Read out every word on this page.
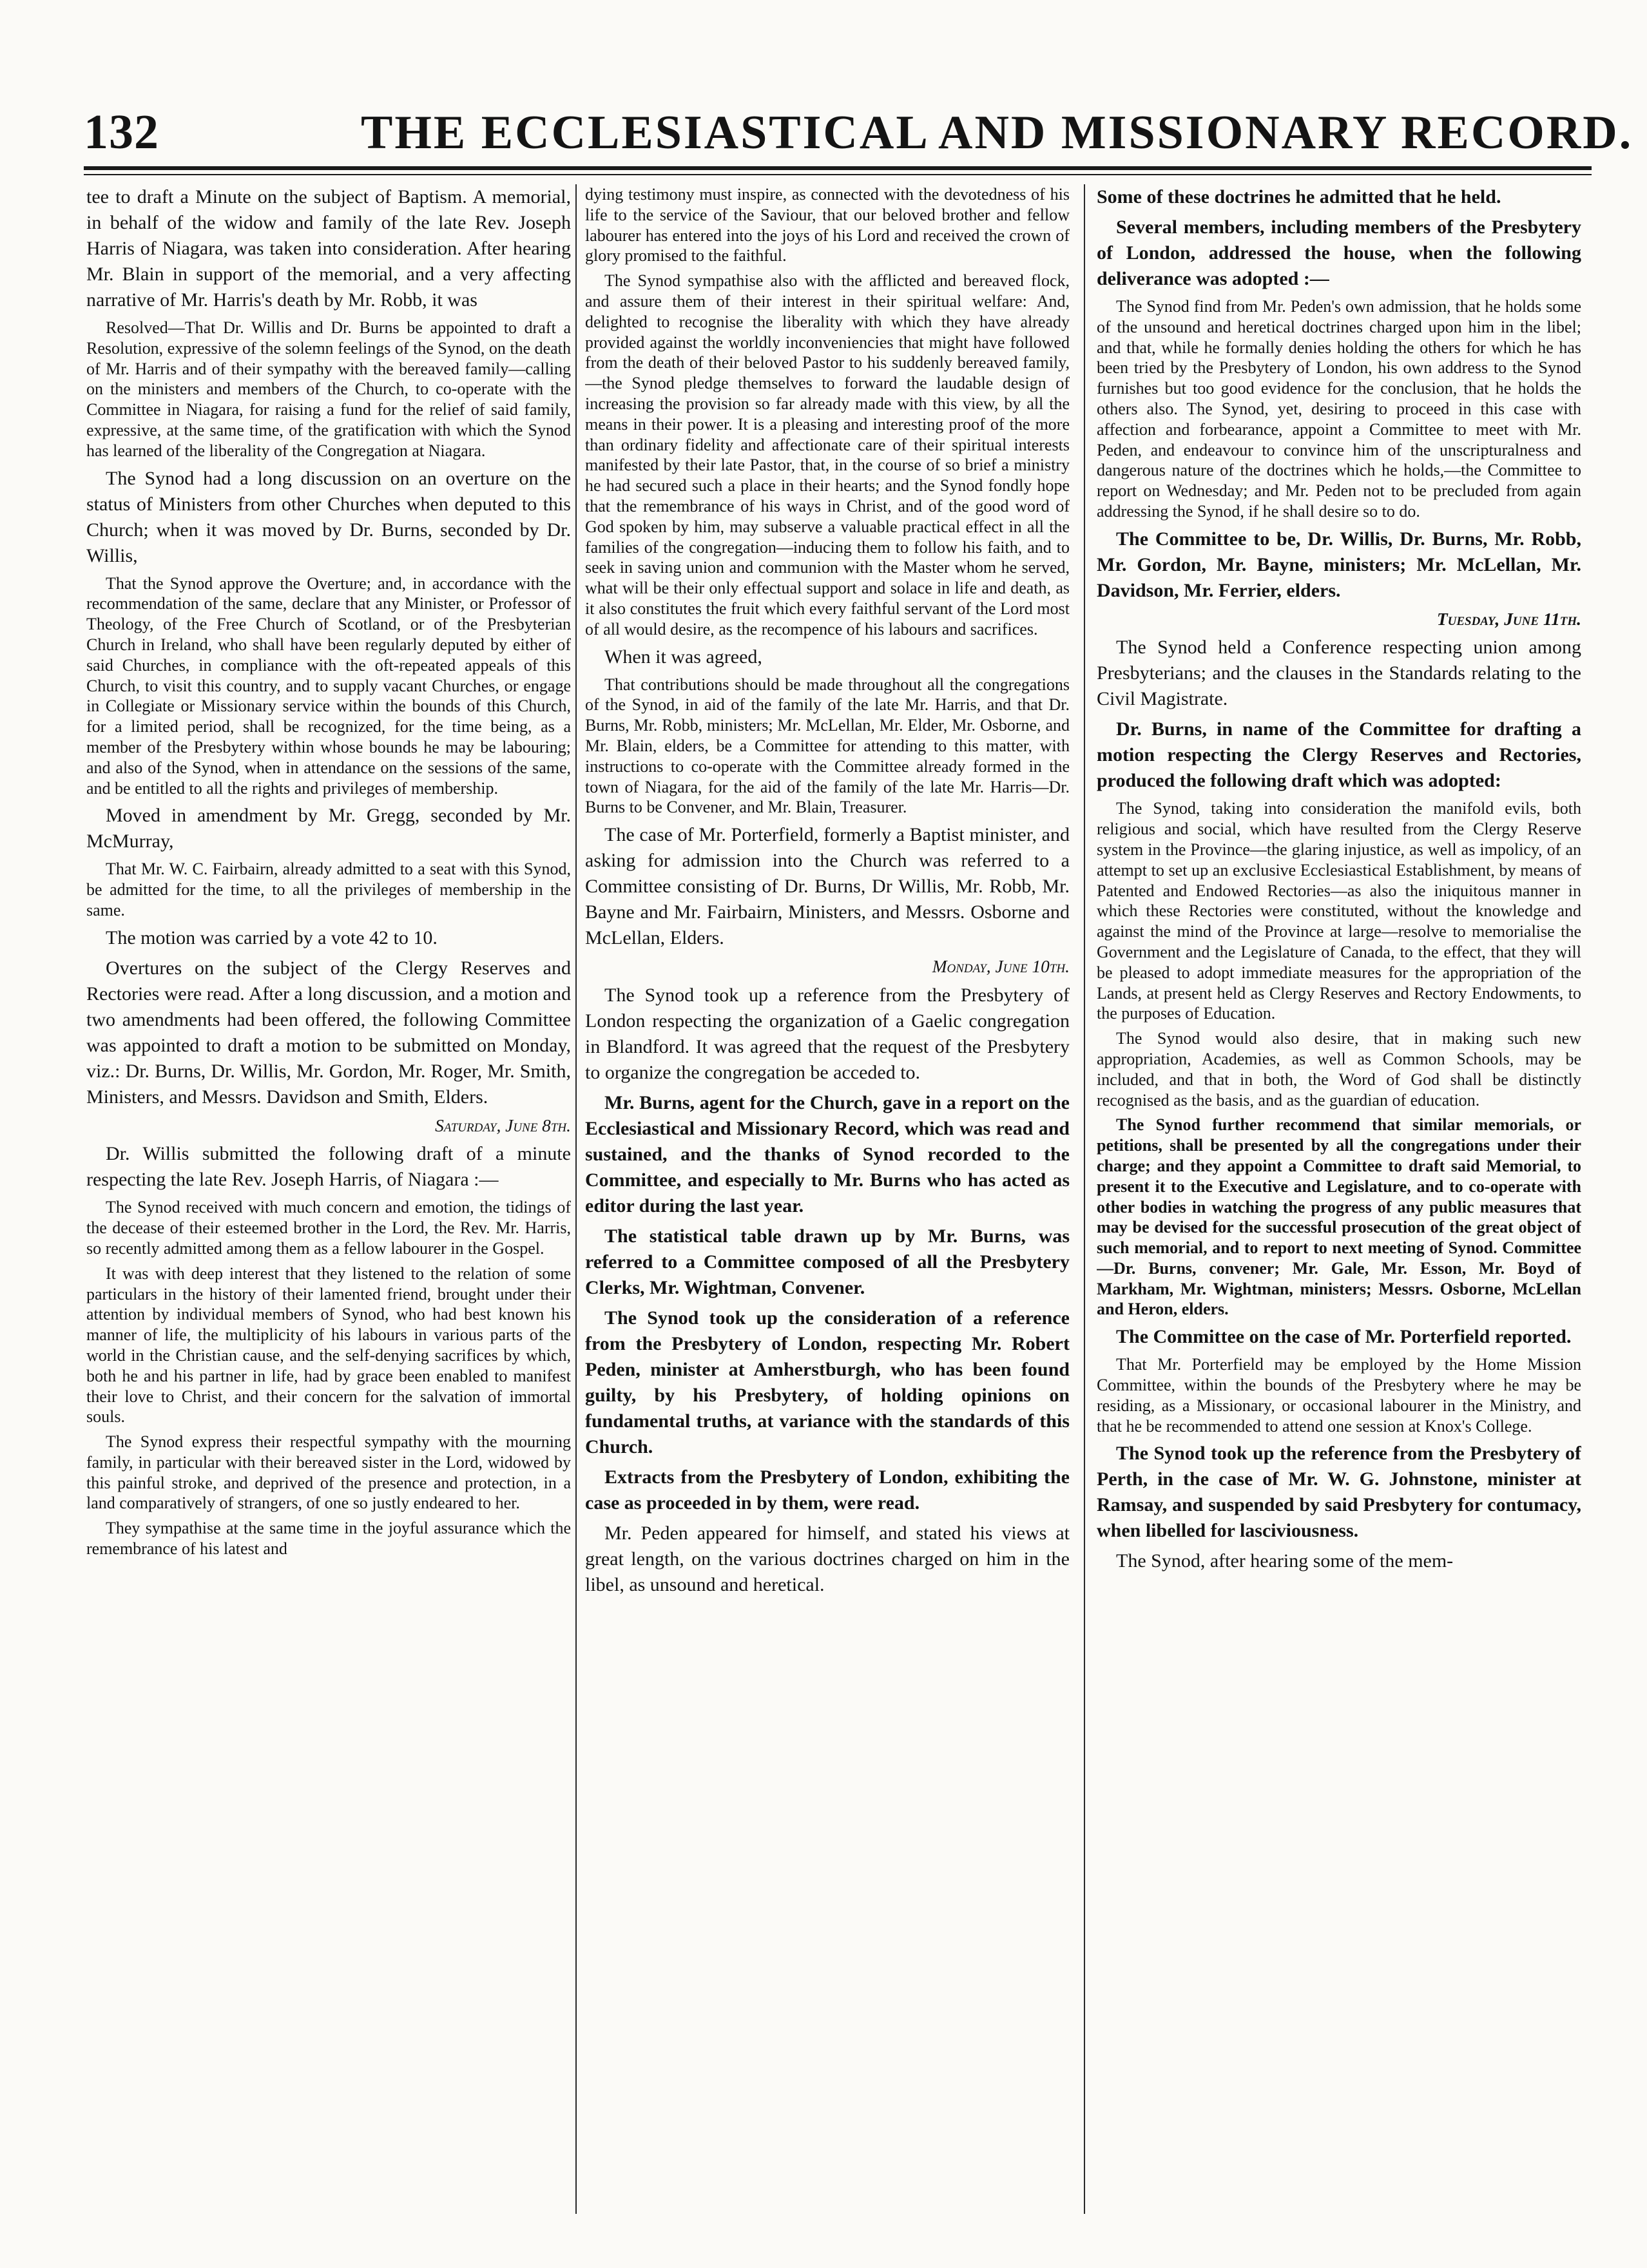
132	THE ECCLESIASTICAL AND MISSIONARY RECORD.

tee to draft a Minute on the subject of Baptism. A memorial, in behalf of the widow and family of the late Rev. Joseph Harris of Niagara, was taken into consideration. After hearing Mr. Blain in support of the memorial, and a very affecting narrative of Mr. Harris's death by Mr. Robb, it was

Resolved—That Dr. Willis and Dr. Burns be appointed to draft a Resolution, expressive of the solemn feelings of the Synod, on the death of Mr. Harris and of their sympathy with the bereaved family—calling on the ministers and members of the Church, to co-operate with the Committee in Niagara, for raising a fund for the relief of said family, expressive, at the same time, of the gratification with which the Synod has learned of the liberality of the Congregation at Niagara.

The Synod had a long discussion on an overture on the status of Ministers from other Churches when deputed to this Church; when it was moved by Dr. Burns, seconded by Dr. Willis,

That the Synod approve the Overture; and, in accordance with the recommendation of the same, declare that any Minister, or Professor of Theology, of the Free Church of Scotland, or of the Presbyterian Church in Ireland, who shall have been regularly deputed by either of said Churches, in compliance with the oft-repeated appeals of this Church, to visit this country, and to supply vacant Churches, or engage in Collegiate or Missionary service within the bounds of this Church, for a limited period, shall be recognized, for the time being, as a member of the Presbytery within whose bounds he may be labouring; and also of the Synod, when in attendance on the sessions of the same, and be entitled to all the rights and privileges of membership.

Moved in amendment by Mr. Gregg, seconded by Mr. McMurray,

That Mr. W. C. Fairbairn, already admitted to a seat with this Synod, be admitted for the time, to all the privileges of membership in the same.

The motion was carried by a vote 42 to 10.

Overtures on the subject of the Clergy Reserves and Rectories were read. After a long discussion, and a motion and two amendments had been offered, the following Committee was appointed to draft a motion to be submitted on Monday, viz.: Dr. Burns, Dr. Willis, Mr. Gordon, Mr. Roger, Mr. Smith, Ministers, and Messrs. Davidson and Smith, Elders.

Saturday, June 8th.

Dr. Willis submitted the following draft of a minute respecting the late Rev. Joseph Harris, of Niagara :—

The Synod received with much concern and emotion, the tidings of the decease of their esteemed brother in the Lord, the Rev. Mr. Harris, so recently admitted among them as a fellow labourer in the Gospel.

It was with deep interest that they listened to the relation of some particulars in the history of their lamented friend, brought under their attention by individual members of Synod, who had best known his manner of life, the multiplicity of his labours in various parts of the world in the Christian cause, and the self-denying sacrifices by which, both he and his partner in life, had by grace been enabled to manifest their love to Christ, and their concern for the salvation of immortal souls.

The Synod express their respectful sympathy with the mourning family, in particular with their bereaved sister in the Lord, widowed by this painful stroke, and deprived of the presence and protection, in a land comparatively of strangers, of one so justly endeared to her.

They sympathise at the same time in the joyful assurance which the remembrance of his latest and

dying testimony must inspire, as connected with the devotedness of his life to the service of the Saviour, that our beloved brother and fellow labourer has entered into the joys of his Lord and received the crown of glory promised to the faithful.

The Synod sympathise also with the afflicted and bereaved flock, and assure them of their interest in their spiritual welfare: And, delighted to recognise the liberality with which they have already provided against the worldly inconveniencies that might have followed from the death of their beloved Pastor to his suddenly bereaved family,—the Synod pledge themselves to forward the laudable design of increasing the provision so far already made with this view, by all the means in their power. It is a pleasing and interesting proof of the more than ordinary fidelity and affectionate care of their spiritual interests manifested by their late Pastor, that, in the course of so brief a ministry he had secured such a place in their hearts; and the Synod fondly hope that the remembrance of his ways in Christ, and of the good word of God spoken by him, may subserve a valuable practical effect in all the families of the congregation—inducing them to follow his faith, and to seek in saving union and communion with the Master whom he served, what will be their only effectual support and solace in life and death, as it also constitutes the fruit which every faithful servant of the Lord most of all would desire, as the recompence of his labours and sacrifices.

When it was agreed,

That contributions should be made throughout all the congregations of the Synod, in aid of the family of the late Mr. Harris, and that Dr. Burns, Mr. Robb, ministers; Mr. McLellan, Mr. Elder, Mr. Osborne, and Mr. Blain, elders, be a Committee for attending to this matter, with instructions to co-operate with the Committee already formed in the town of Niagara, for the aid of the family of the late Mr. Harris—Dr. Burns to be Convener, and Mr. Blain, Treasurer.

The case of Mr. Porterfield, formerly a Baptist minister, and asking for admission into the Church was referred to a Committee consisting of Dr. Burns, Dr Willis, Mr. Robb, Mr. Bayne and Mr. Fairbairn, Ministers, and Messrs. Osborne and McLellan, Elders.

Monday, June 10th.

The Synod took up a reference from the Presbytery of London respecting the organization of a Gaelic congregation in Blandford. It was agreed that the request of the Presbytery to organize the congregation be acceded to.

Mr. Burns, agent for the Church, gave in a report on the Ecclesiastical and Missionary Record, which was read and sustained, and the thanks of Synod recorded to the Committee, and especially to Mr. Burns who has acted as editor during the last year.

The statistical table drawn up by Mr. Burns, was referred to a Committee composed of all the Presbytery Clerks, Mr. Wightman, Convener.

The Synod took up the consideration of a reference from the Presbytery of London, respecting Mr. Robert Peden, minister at Amherstburgh, who has been found guilty, by his Presbytery, of holding opinions on fundamental truths, at variance with the standards of this Church.

Extracts from the Presbytery of London, exhibiting the case as proceeded in by them, were read.

Mr. Peden appeared for himself, and stated his views at great length, on the various doctrines charged on him in the libel, as unsound and heretical.

Some of these doctrines he admitted that he held.

Several members, including members of the Presbytery of London, addressed the house, when the following deliverance was adopted :—

The Synod find from Mr. Peden's own admission, that he holds some of the unsound and heretical doctrines charged upon him in the libel; and that, while he formally denies holding the others for which he has been tried by the Presbytery of London, his own address to the Synod furnishes but too good evidence for the conclusion, that he holds the others also. The Synod, yet, desiring to proceed in this case with affection and forbearance, appoint a Committee to meet with Mr. Peden, and endeavour to convince him of the unscripturalness and dangerous nature of the doctrines which he holds,—the Committee to report on Wednesday; and Mr. Peden not to be precluded from again addressing the Synod, if he shall desire so to do.

The Committee to be, Dr. Willis, Dr. Burns, Mr. Robb, Mr. Gordon, Mr. Bayne, ministers; Mr. McLellan, Mr. Davidson, Mr. Ferrier, elders.

Tuesday, June 11th.

The Synod held a Conference respecting union among Presbyterians; and the clauses in the Standards relating to the Civil Magistrate.

Dr. Burns, in name of the Committee for drafting a motion respecting the Clergy Reserves and Rectories, produced the following draft which was adopted:

The Synod, taking into consideration the manifold evils, both religious and social, which have resulted from the Clergy Reserve system in the Province—the glaring injustice, as well as impolicy, of an attempt to set up an exclusive Ecclesiastical Establishment, by means of Patented and Endowed Rectories—as also the iniquitous manner in which these Rectories were constituted, without the knowledge and against the mind of the Province at large—resolve to memorialise the Government and the Legislature of Canada, to the effect, that they will be pleased to adopt immediate measures for the appropriation of the Lands, at present held as Clergy Reserves and Rectory Endowments, to the purposes of Education.

The Synod would also desire, that in making such new appropriation, Academies, as well as Common Schools, may be included, and that in both, the Word of God shall be distinctly recognised as the basis, and as the guardian of education.

The Synod further recommend that similar memorials, or petitions, shall be presented by all the congregations under their charge; and they appoint a Committee to draft said Memorial, to present it to the Executive and Legislature, and to co-operate with other bodies in watching the progress of any public measures that may be devised for the successful prosecution of the great object of such memorial, and to report to next meeting of Synod. Committee—Dr. Burns, convener; Mr. Gale, Mr. Esson, Mr. Boyd of Markham, Mr. Wightman, ministers; Messrs. Osborne, McLellan and Heron, elders.

The Committee on the case of Mr. Porterfield reported.

That Mr. Porterfield may be employed by the Home Mission Committee, within the bounds of the Presbytery where he may be residing, as a Missionary, or occasional labourer in the Ministry, and that he be recommended to attend one session at Knox's College.

The Synod took up the reference from the Presbytery of Perth, in the case of Mr. W. G. Johnstone, minister at Ramsay, and suspended by said Presbytery for contumacy, when libelled for lasciviousness.

The Synod, after hearing some of the mem-
